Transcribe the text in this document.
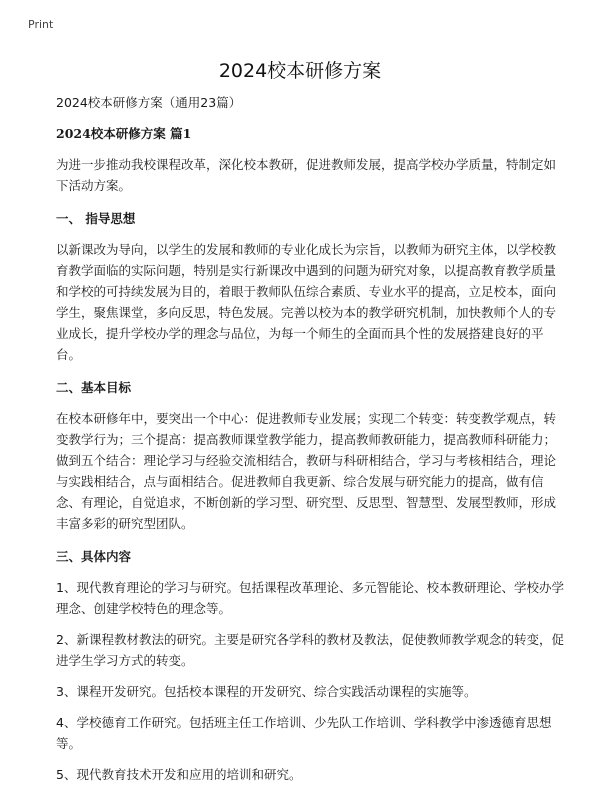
Print
2024校本研修方案
2024校本研修方案（通用23篇）
2024校本研修方案 篇1

为进一步推动我校课程改革，深化校本教研，促进教师发展，提高学校办学质量，特制定如下活动方案。

一、 指导思想

以新课改为导向，以学生的发展和教师的专业化成长为宗旨，以教师为研究主体，以学校教育教学面临的实际问题，特别是实行新课改中遇到的问题为研究对象，以提高教育教学质量和学校的可持续发展为目的，着眼于教师队伍综合素质、专业水平的提高，立足校本，面向学生，聚焦课堂，多向反思，特色发展。完善以校为本的教学研究机制，加快教师个人的专业成长，提升学校办学的理念与品位，为每一个师生的全面而具个性的发展搭建良好的平台。

二、基本目标

在校本研修年中，要突出一个中心：促进教师专业发展；实现二个转变：转变教学观点，转变教学行为；三个提高：提高教师课堂教学能力，提高教师教研能力，提高教师科研能力；做到五个结合：理论学习与经验交流相结合，教研与科研相结合，学习与考核相结合，理论与实践相结合，点与面相结合。促进教师自我更新、综合发展与研究能力的提高，做有信念、有理论，自觉追求，不断创新的学习型、研究型、反思型、智慧型、发展型教师，形成丰富多彩的研究型团队。

三、具体内容
1、现代教育理论的学习与研究。包括课程改革理论、多元智能论、校本教研理论、学校办学理念、创建学校特色的理念等。
2、新课程教材教法的研究。主要是研究各学科的教材及教法，促使教师教学观念的转变，促进学生学习方式的转变。
3、课程开发研究。包括校本课程的开发研究、综合实践活动课程的实施等。
4、学校德育工作研究。包括班主任工作培训、少先队工作培训、学科教学中渗透德育思想等。
5、现代教育技术开发和应用的培训和研究。
